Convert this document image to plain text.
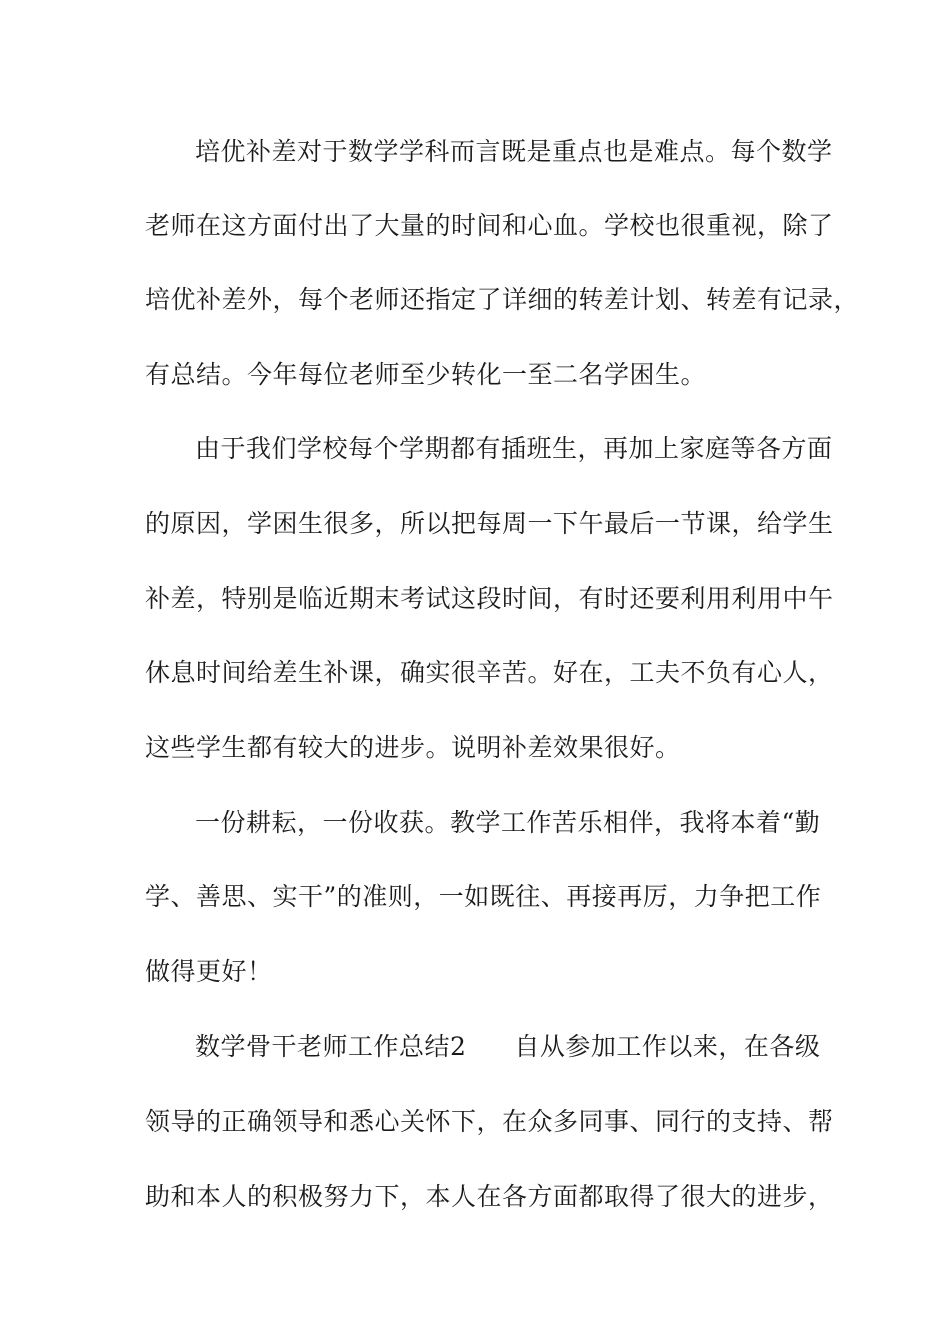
培优补差对于数学学科而言既是重点也是难点。每个数学
老师在这方面付出了大量的时间和心血。学校也很重视，除了
培优补差外，每个老师还指定了详细的转差计划、转差有记录，
有总结。今年每位老师至少转化一至二名学困生。
由于我们学校每个学期都有插班生，再加上家庭等各方面
的原因，学困生很多，所以把每周一下午最后一节课，给学生
补差，特别是临近期末考试这段时间，有时还要利用利用中午
休息时间给差生补课，确实很辛苦。好在，工夫不负有心人，
这些学生都有较大的进步。说明补差效果很好。
一份耕耘，一份收获。教学工作苦乐相伴，我将本着“勤
学、善思、实干”的准则，一如既往、再接再厉，力争把工作
做得更好！
数学骨干老师工作总结2 自从参加工作以来，在各级
领导的正确领导和悉心关怀下，在众多同事、同行的支持、帮
助和本人的积极努力下，本人在各方面都取得了很大的进步，
